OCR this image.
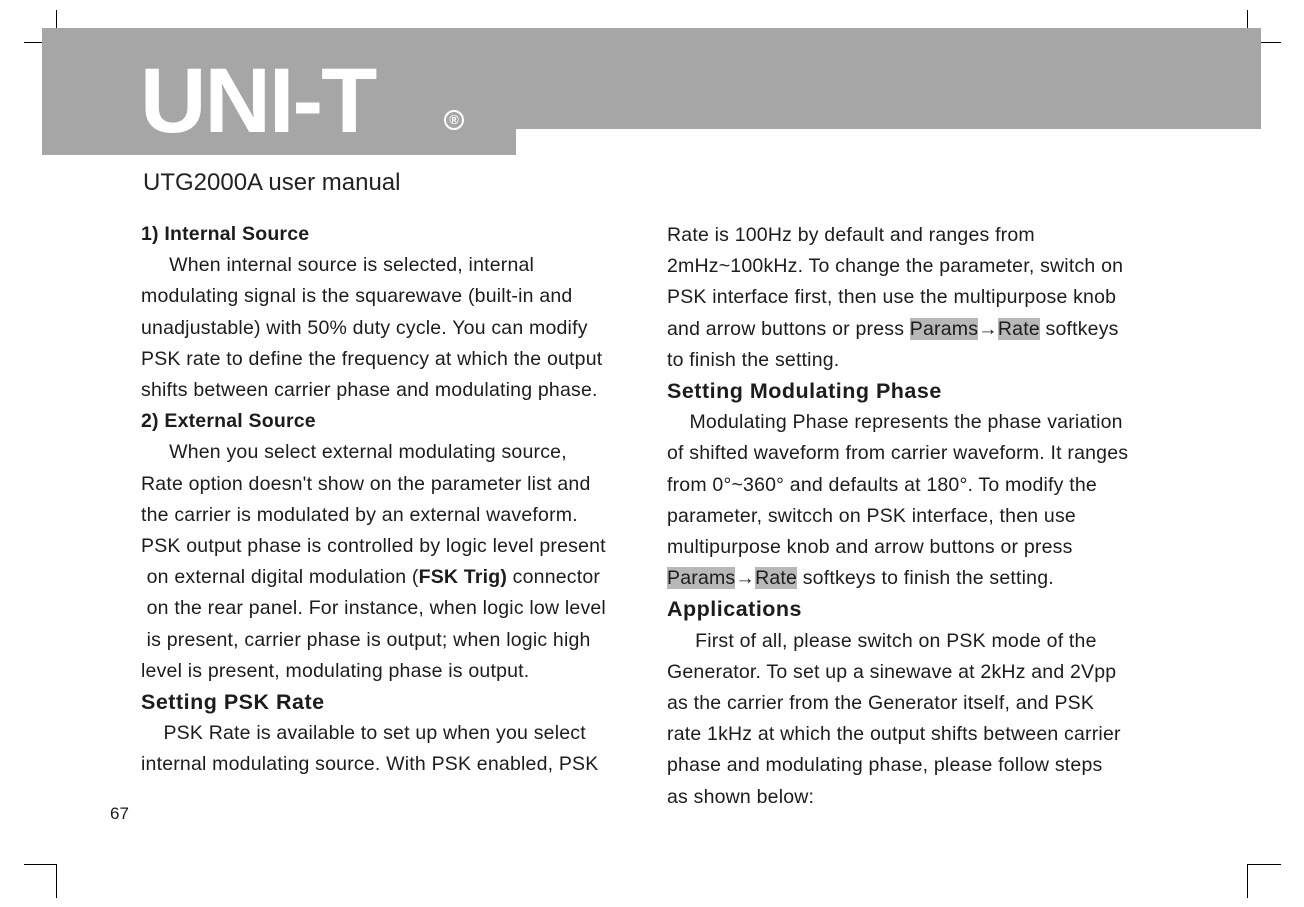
UNI-T	®
UTG2000A user manual
1) Internal Source
When internal source is selected, internal
modulating signal is the squarewave (built-in and
unadjustable) with 50% duty cycle. You can modify
PSK rate to define the frequency at which the output
shifts between carrier phase and modulating phase.
2) External Source
When you select external modulating source,
Rate option doesn't show on the parameter list and
the carrier is modulated by an external waveform.
PSK output phase is controlled by logic level present
on external digital modulation (FSK Trig) connector
on the rear panel. For instance, when logic low level
is present, carrier phase is output; when logic high
level is present, modulating phase is output.
Setting PSK Rate
PSK Rate is available to set up when you select
internal modulating source. With PSK enabled, PSK
Rate is 100Hz by default and ranges from
2mHz~100kHz. To change the parameter, switch on
PSK interface first, then use the multipurpose knob
and arrow buttons or press Params→Rate softkeys
to finish the setting.
Setting Modulating Phase
Modulating Phase represents the phase variation
of shifted waveform from carrier waveform. It ranges
from 0°~360° and defaults at 180°. To modify the
parameter, switcch on PSK interface, then use
multipurpose knob and arrow buttons or press
Params→Rate softkeys to finish the setting.
Applications
First of all, please switch on PSK mode of the
Generator. To set up a sinewave at 2kHz and 2Vpp
as the carrier from the Generator itself, and PSK
rate 1kHz at which the output shifts between carrier
phase and modulating phase, please follow steps
as shown below:
67
